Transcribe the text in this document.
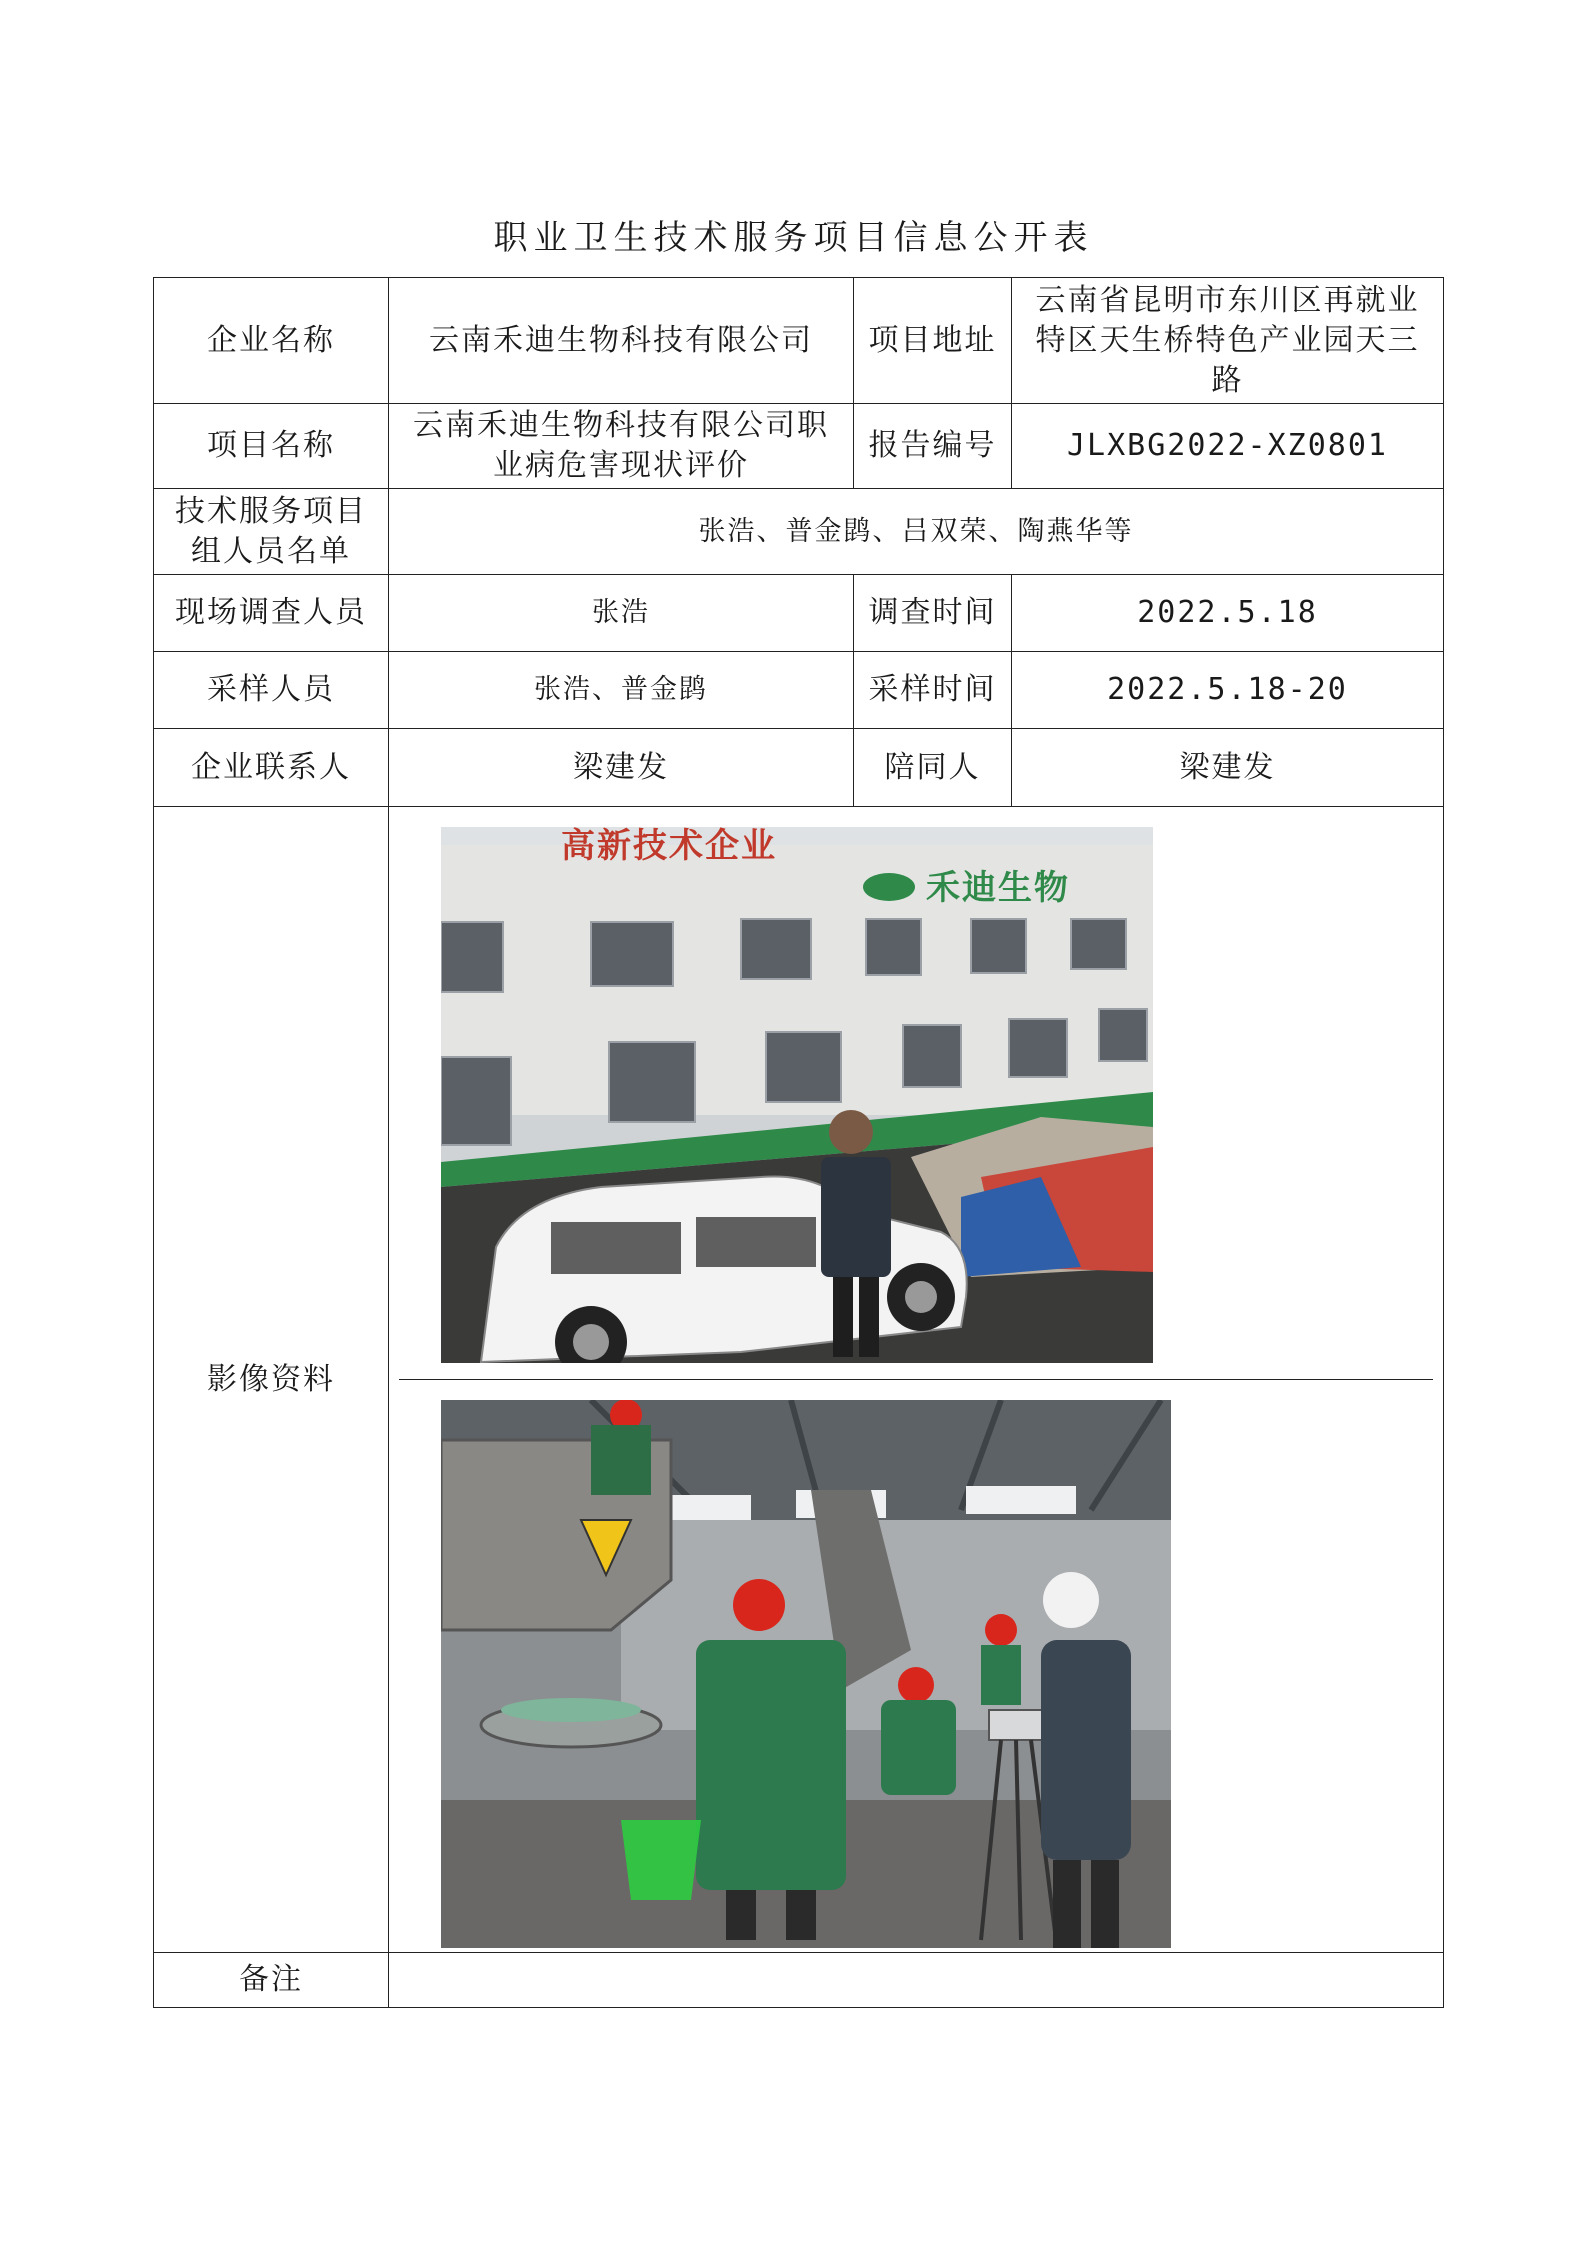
职业卫生技术服务项目信息公开表
企业名称	云南禾迪生物科技有限公司	项目地址	云南省昆明市东川区再就业特区天生桥特色产业园天三路
项目名称	云南禾迪生物科技有限公司职业病危害现状评价	报告编号	JLXBG2022-XZ0801
技术服务项目组人员名单	张浩、普金鹍、吕双荣、陶燕华等		
现场调查人员	张浩	调查时间	2022.5.18
采样人员	张浩、普金鹍	采样时间	2022.5.18-20
企业联系人	梁建发	陪同人	梁建发
影像资料	高新技术企业
禾迪生物		

备注			
